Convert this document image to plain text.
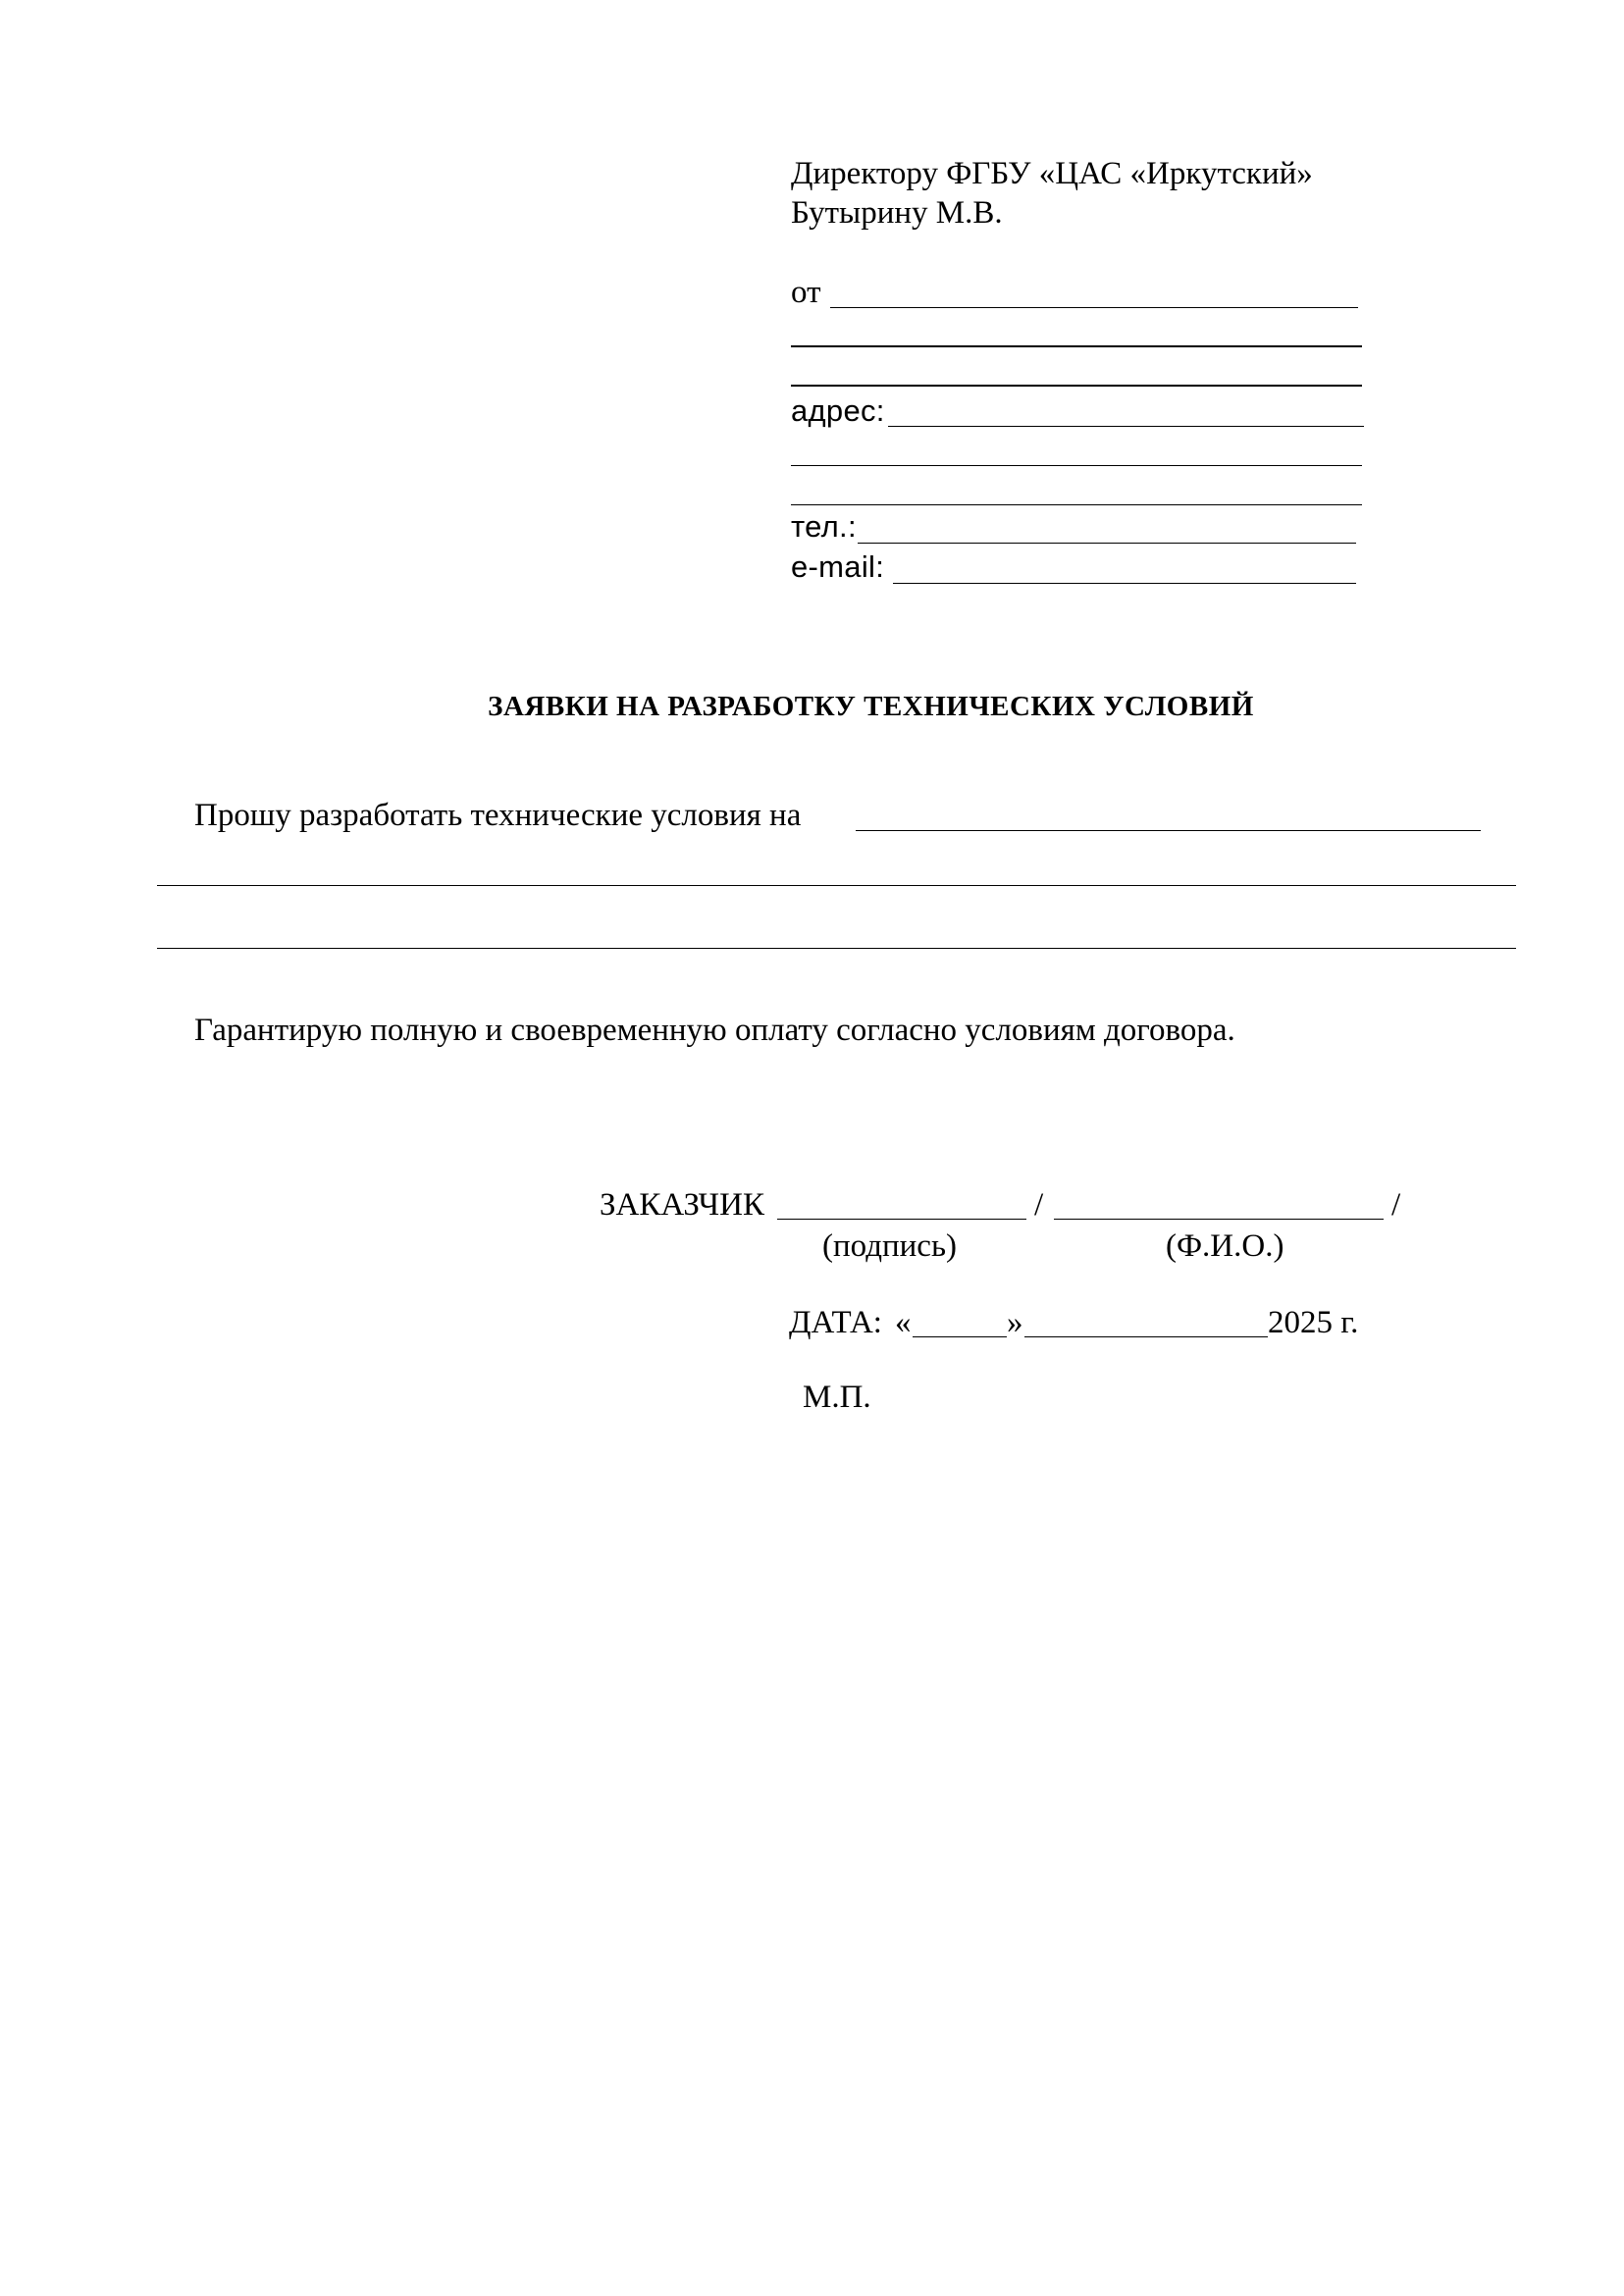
Директору ФГБУ «ЦАС «Иркутский»
Бутырину М.В.
от
адрес:
тел.:
e-mail:
ЗАЯВКИ НА РАЗРАБОТКУ ТЕХНИЧЕСКИХ УСЛОВИЙ
Прошу разработать технические условия на
Гарантирую полную и своевременную оплату согласно условиям договора.
ЗАКАЗЧИК	/	/
(подпись)	(Ф.И.О.)
ДАТА: «	»	2025 г.
М.П.
